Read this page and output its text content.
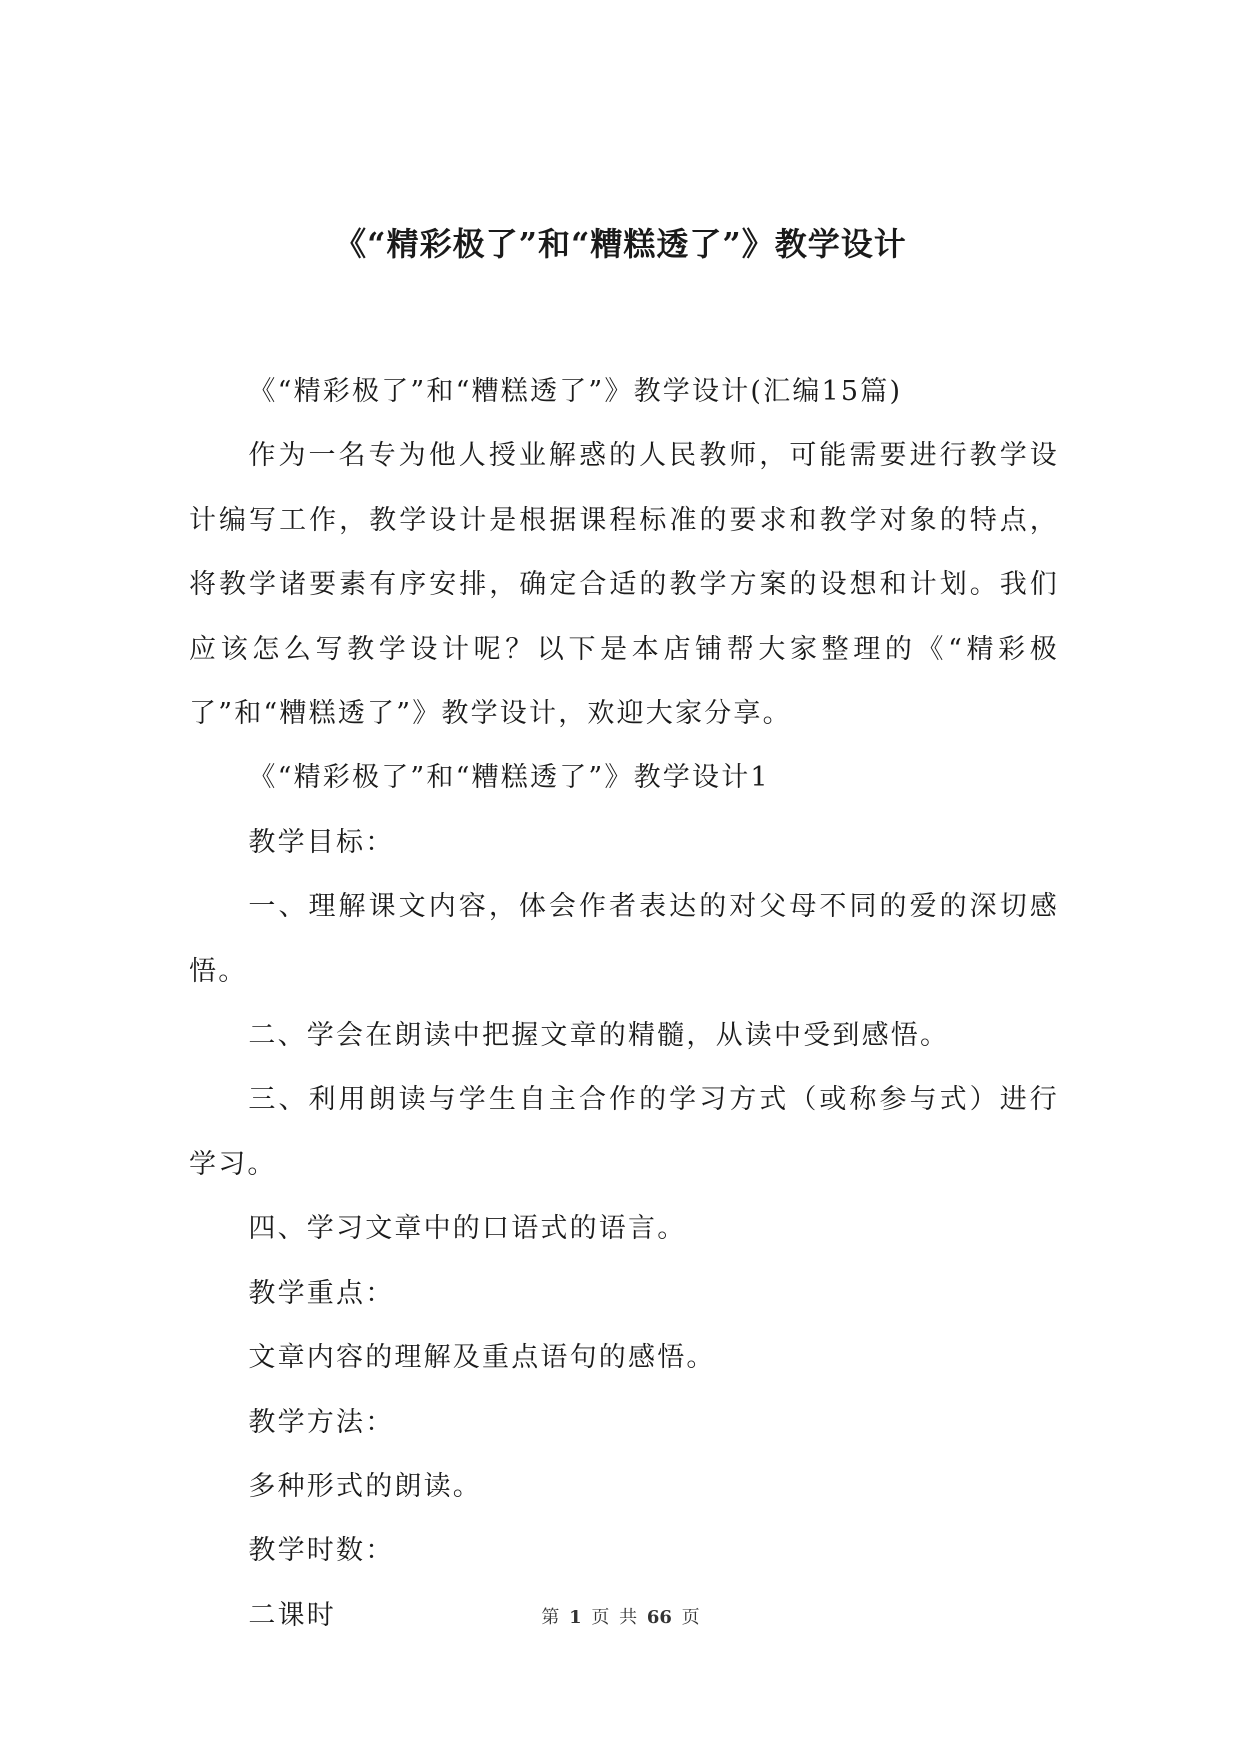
《“精彩极了”和“糟糕透了”》教学设计

《“精彩极了”和“糟糕透了”》教学设计(汇编15篇)

作为一名专为他人授业解惑的人民教师，可能需要进行教学设计编写工作，教学设计是根据课程标准的要求和教学对象的特点，将教学诸要素有序安排，确定合适的教学方案的设想和计划。我们应该怎么写教学设计呢？以下是本店铺帮大家整理的《“精彩极了”和“糟糕透了”》教学设计，欢迎大家分享。

《“精彩极了”和“糟糕透了”》教学设计1

教学目标：

一、理解课文内容，体会作者表达的对父母不同的爱的深切感悟。

二、学会在朗读中把握文章的精髓，从读中受到感悟。

三、利用朗读与学生自主合作的学习方式（或称参与式）进行学习。

四、学习文章中的口语式的语言。

教学重点：

文章内容的理解及重点语句的感悟。

教学方法：

多种形式的朗读。

教学时数：

二课时	第 1 页 共 66 页
